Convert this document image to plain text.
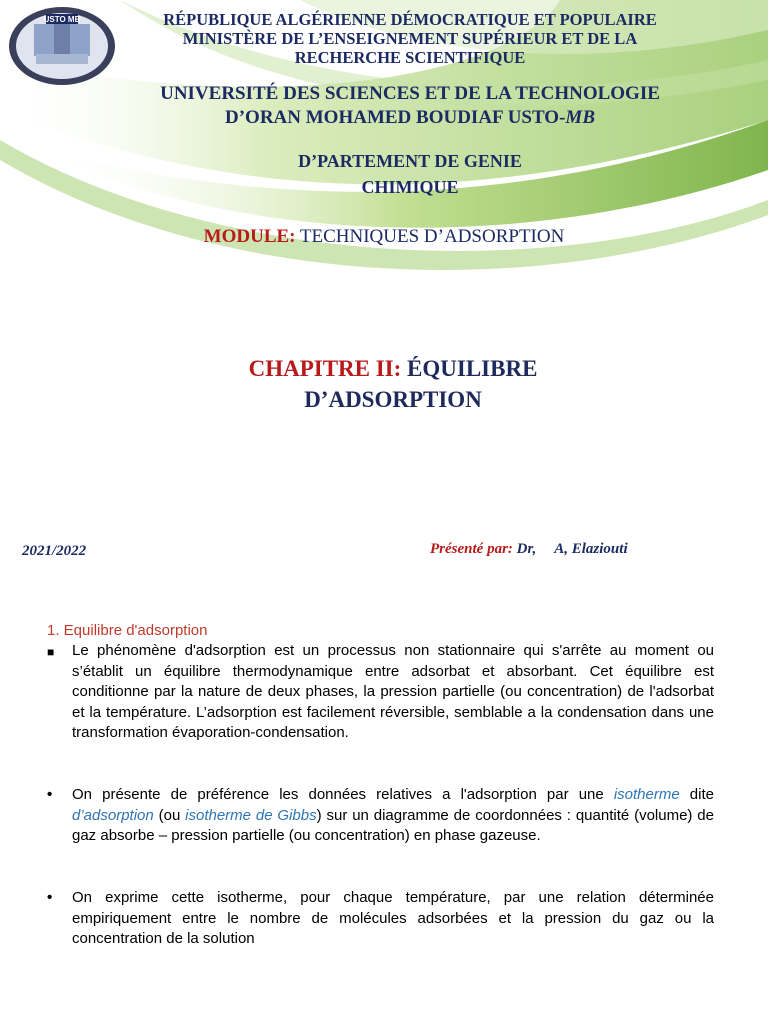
USTO MB	RÉPUBLIQUE ALGÉRIENNE DÉMOCRATIQUE ET POPULAIRE
MINISTÈRE DE L’ENSEIGNEMENT SUPÉRIEUR ET DE LA
RECHERCHE SCIENTIFIQUE
UNIVERSITÉ DES SCIENCES ET DE LA TECHNOLOGIE
D’ORAN MOHAMED BOUDIAF USTO-MB
D’PARTEMENT DE GENIE
CHIMIQUE
MODULE: TECHNIQUES D’ADSORPTION
CHAPITRE II: ÉQUILIBRE
D’ADSORPTION
2021/2022	Présenté par: Dr, A, Elaziouti
1. Equilibre d'adsorption

■ Le phénomène d'adsorption est un processus non stationnaire qui s'arrête au moment ou s’établit un équilibre thermodynamique entre adsorbat et absorbant. Cet équilibre est conditionne par la nature de deux phases, la pression partielle (ou concentration) de l'adsorbat et la température. L’adsorption est facilement réversible, semblable a la condensation dans une transformation évaporation-condensation.

• On présente de préférence les données relatives a l'adsorption par une isotherme dite d’adsorption (ou isotherme de Gibbs) sur un diagramme de coordonnées : quantité (volume) de gaz absorbe – pression partielle (ou concentration) en phase gazeuse.

• On exprime cette isotherme, pour chaque température, par une relation déterminée empiriquement entre le nombre de molécules adsorbées et la pression du gaz ou la concentration de la solution
